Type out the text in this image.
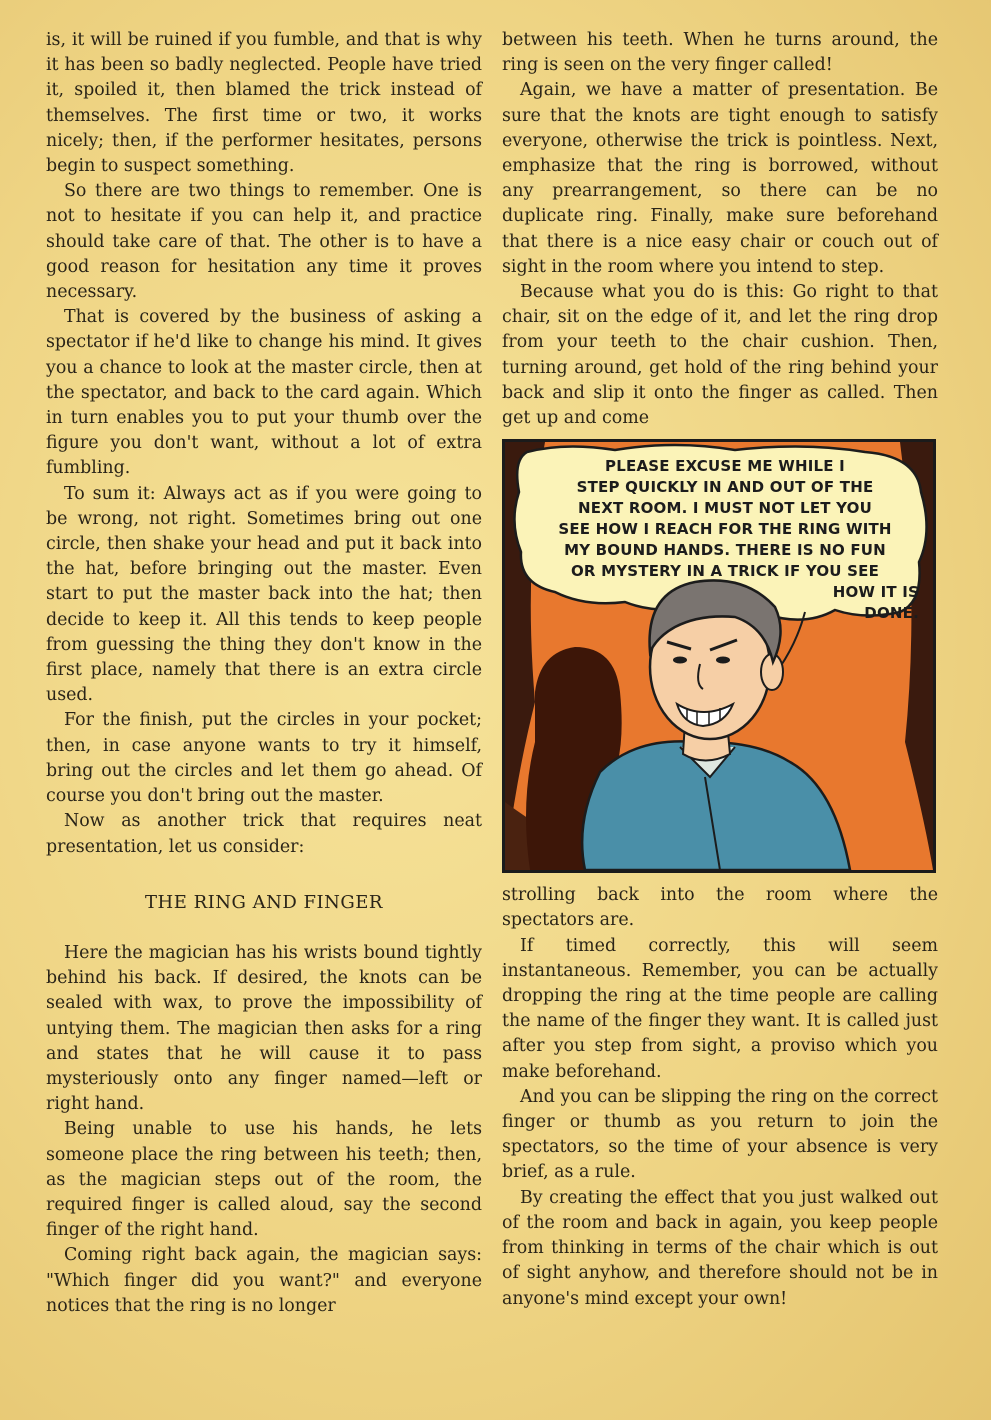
is, it will be ruined if you fumble, and that is why it has been so badly neglected. People have tried it, spoiled it, then blamed the trick instead of themselves. The first time or two, it works nicely; then, if the performer hesitates, persons begin to suspect something.

So there are two things to remember. One is not to hesitate if you can help it, and practice should take care of that. The other is to have a good reason for hesitation any time it proves necessary.

That is covered by the business of asking a spectator if he'd like to change his mind. It gives you a chance to look at the master circle, then at the spectator, and back to the card again. Which in turn enables you to put your thumb over the figure you don't want, without a lot of extra fumbling.

To sum it: Always act as if you were going to be wrong, not right. Sometimes bring out one circle, then shake your head and put it back into the hat, before bringing out the master. Even start to put the master back into the hat; then decide to keep it. All this tends to keep people from guessing the thing they don't know in the first place, namely that there is an extra circle used.

For the finish, put the circles in your pocket; then, in case anyone wants to try it himself, bring out the circles and let them go ahead. Of course you don't bring out the master.

Now as another trick that requires neat presentation, let us consider:

THE RING AND FINGER

Here the magician has his wrists bound tightly behind his back. If desired, the knots can be sealed with wax, to prove the impossibility of untying them. The magician then asks for a ring and states that he will cause it to pass mysteriously onto any finger named—left or right hand.

Being unable to use his hands, he lets someone place the ring between his teeth; then, as the magician steps out of the room, the required finger is called aloud, say the second finger of the right hand.

Coming right back again, the magician says: "Which finger did you want?" and everyone notices that the ring is no longer

between his teeth. When he turns around, the ring is seen on the very finger called!

Again, we have a matter of presentation. Be sure that the knots are tight enough to satisfy everyone, otherwise the trick is pointless. Next, emphasize that the ring is borrowed, without any prearrangement, so there can be no duplicate ring. Finally, make sure beforehand that there is a nice easy chair or couch out of sight in the room where you intend to step.

Because what you do is this: Go right to that chair, sit on the edge of it, and let the ring drop from your teeth to the chair cushion. Then, turning around, get hold of the ring behind your back and slip it onto the finger as called. Then get up and come

PLEASE EXCUSE ME WHILE I
STEP QUICKLY IN AND OUT OF THE
NEXT ROOM. I MUST NOT LET YOU
SEE HOW I REACH FOR THE RING WITH
MY BOUND HANDS. THERE IS NO FUN
OR MYSTERY IN A TRICK IF YOU SEE
HOW IT IS
DONE.

strolling back into the room where the spectators are.

If timed correctly, this will seem instantaneous. Remember, you can be actually dropping the ring at the time people are calling the name of the finger they want. It is called just after you step from sight, a proviso which you make beforehand.

And you can be slipping the ring on the correct finger or thumb as you return to join the spectators, so the time of your absence is very brief, as a rule.

By creating the effect that you just walked out of the room and back in again, you keep people from thinking in terms of the chair which is out of sight anyhow, and therefore should not be in anyone's mind except your own!
